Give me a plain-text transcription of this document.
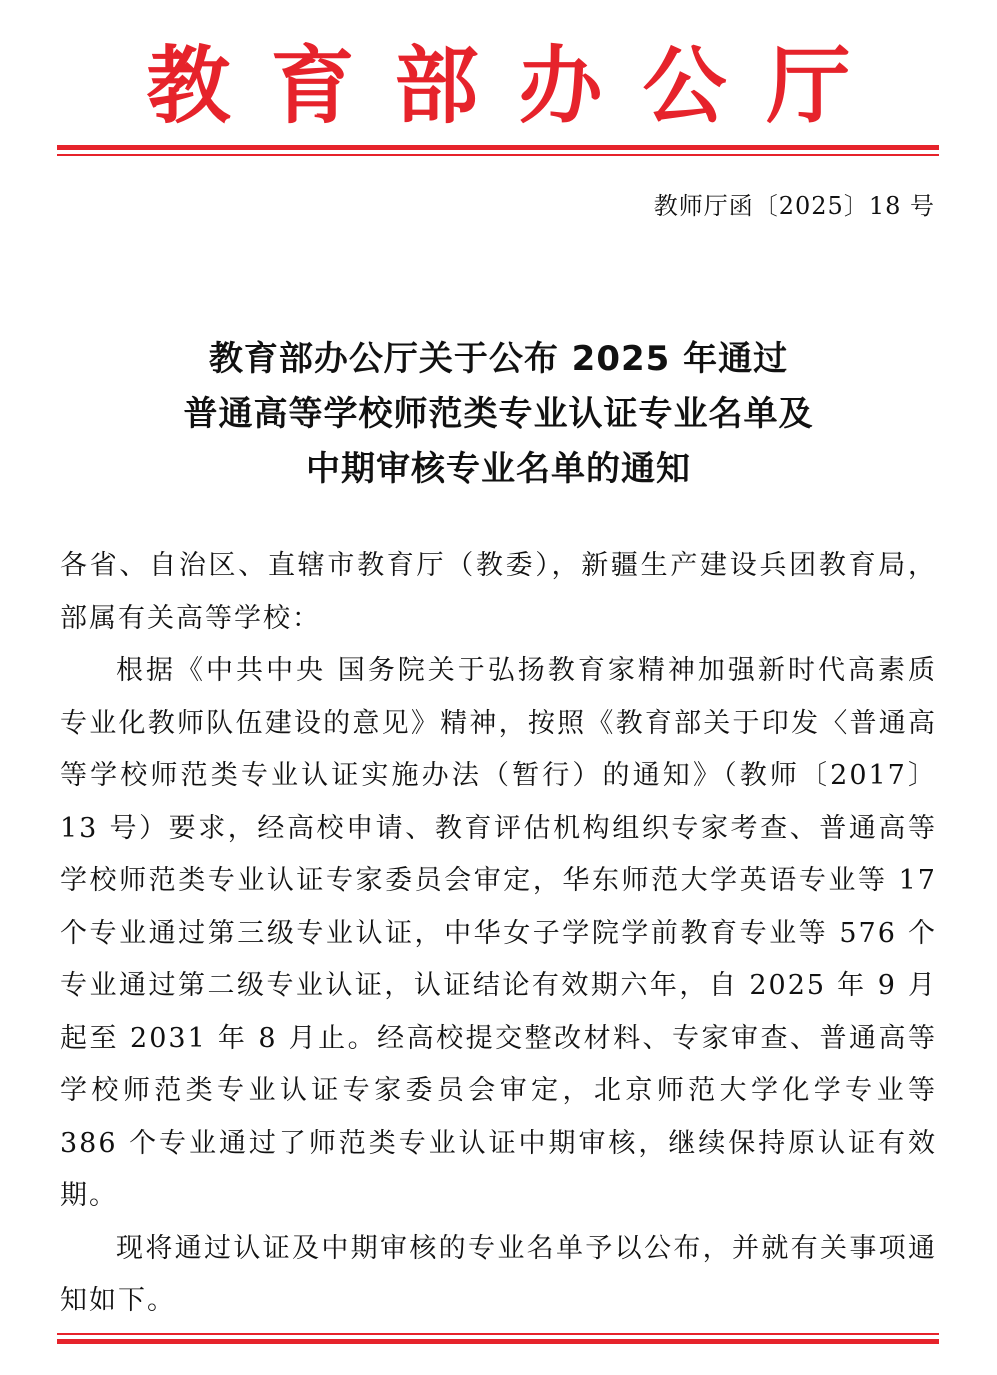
教育部办公厅
教师厅函〔2025〕18 号
教育部办公厅关于公布 2025 年通过
普通高等学校师范类专业认证专业名单及
中期审核专业名单的通知

各省、自治区、直辖市教育厅（教委），新疆生产建设兵团教育局，部属有关高等学校：

根据《中共中央 国务院关于弘扬教育家精神加强新时代高素质专业化教师队伍建设的意见》精神，按照《教育部关于印发〈普通高等学校师范类专业认证实施办法（暂行）的通知》（教师〔2017〕13 号）要求，经高校申请、教育评估机构组织专家考查、普通高等学校师范类专业认证专家委员会审定，华东师范大学英语专业等 17 个专业通过第三级专业认证，中华女子学院学前教育专业等 576 个专业通过第二级专业认证，认证结论有效期六年，自 2025 年 9 月起至 2031 年 8 月止。经高校提交整改材料、专家审查、普通高等学校师范类专业认证专家委员会审定，北京师范大学化学专业等 386 个专业通过了师范类专业认证中期审核，继续保持原认证有效期。

现将通过认证及中期审核的专业名单予以公布，并就有关事项通知如下。
